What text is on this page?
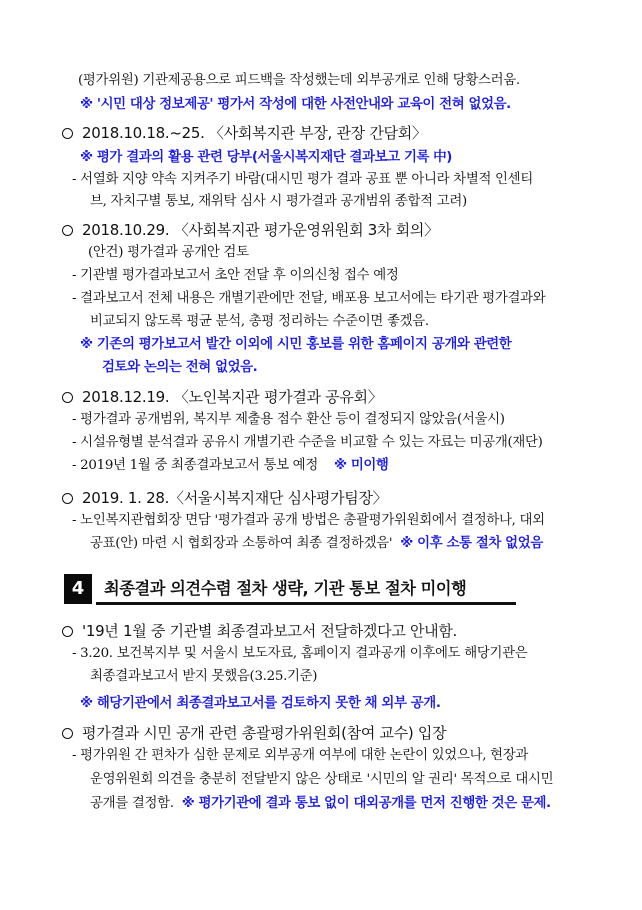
(평가위원) 기관제공용으로 피드백을 작성했는데 외부공개로 인해 당황스러움.
※ '시민 대상 정보제공' 평가서 작성에 대한 사전안내와 교육이 전혀 없었음.
2018.10.18.~25. 〈사회복지관 부장, 관장 간담회〉
※ 평가 결과의 활용 관련 당부(서울시복지재단 결과보고 기록 中)
- 서열화 지양 약속 지켜주기 바람(대시민 평가 결과 공표 뿐 아니라 차별적 인센티
브, 자치구별 통보, 재위탁 심사 시 평가결과 공개범위 종합적 고려)
2018.10.29. 〈사회복지관 평가운영위원회 3차 회의〉
(안건) 평가결과 공개안 검토
- 기관별 평가결과보고서 초안 전달 후 이의신청 접수 예정
- 결과보고서 전체 내용은 개별기관에만 전달, 배포용 보고서에는 타기관 평가결과와
비교되지 않도록 평균 분석, 총평 정리하는 수준이면 좋겠음.
※ 기존의 평가보고서 발간 이외에 시민 홍보를 위한 홈페이지 공개와 관련한
검토와 논의는 전혀 없었음.
2018.12.19. 〈노인복지관 평가결과 공유회〉
- 평가결과 공개범위, 복지부 제출용 점수 환산 등이 결정되지 않았음(서울시)
- 시설유형별 분석결과 공유시 개별기관 수준을 비교할 수 있는 자료는 미공개(재단)
- 2019년 1월 중 최종결과보고서 통보 예정 ※ 미이행
2019. 1. 28.〈서울시복지재단 심사평가팀장〉
- 노인복지관협회장 면담 '평가결과 공개 방법은 총괄평가위원회에서 결정하나, 대외
공표(안) 마련 시 협회장과 소통하여 최종 결정하겠음' ※ 이후 소통 절차 없었음
4	최종결과 의견수렴 절차 생략, 기관 통보 절차 미이행
'19년 1월 중 기관별 최종결과보고서 전달하겠다고 안내함.
- 3.20. 보건복지부 및 서울시 보도자료, 홈페이지 결과공개 이후에도 해당기관은
최종결과보고서 받지 못했음(3.25.기준)
※ 해당기관에서 최종결과보고서를 검토하지 못한 채 외부 공개.
평가결과 시민 공개 관련 총괄평가위원회(참여 교수) 입장
- 평가위원 간 편차가 심한 문제로 외부공개 여부에 대한 논란이 있었으나, 현장과
운영위원회 의견을 충분히 전달받지 않은 상태로 '시민의 알 권리' 목적으로 대시민
공개를 결정함. ※ 평가기관에 결과 통보 없이 대외공개를 먼저 진행한 것은 문제.
